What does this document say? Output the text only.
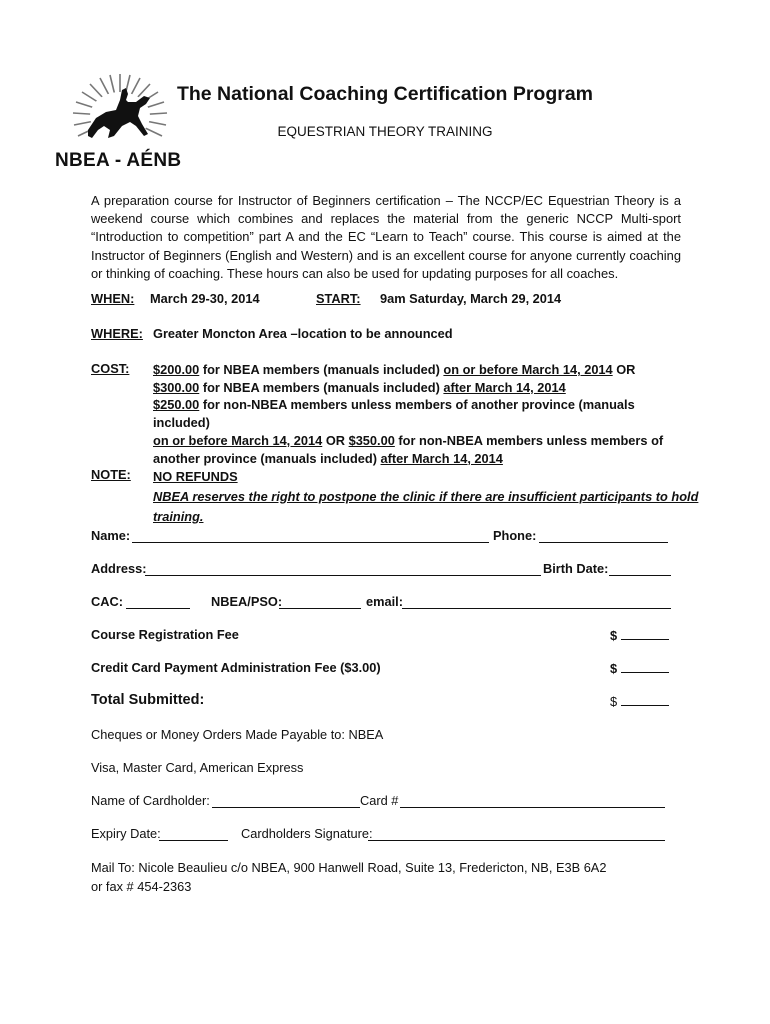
NBEA - AÉNB
The National Coaching Certification Program
EQUESTRIAN THEORY TRAINING
A preparation course for Instructor of Beginners certification – The NCCP/EC Equestrian Theory is a weekend course which combines and replaces the material from the generic NCCP Multi-sport “Introduction to competition” part A and the EC “Learn to Teach” course. This course is aimed at the Instructor of Beginners (English and Western) and is an excellent course for anyone currently coaching or thinking of coaching. These hours can also be used for updating purposes for all coaches.
WHEN: March 29-30, 2014	START: 9am Saturday, March 29, 2014
WHERE: Greater Moncton Area –location to be announced
COST: $200.00 for NBEA members (manuals included) on or before March 14, 2014 OR
$300.00 for NBEA members (manuals included) after March 14, 2014
$250.00 for non-NBEA members unless members of another province (manuals included)
on or before March 14, 2014 OR $350.00 for non-NBEA members unless members of
another province (manuals included) after March 14, 2014
NOTE: NO REFUNDS
NBEA reserves the right to postpone the clinic if there are insufficient participants to hold
training.
Name:	Phone:
Address:	Birth Date:
CAC:	NBEA/PSO:	email:
Course Registration Fee	$
Credit Card Payment Administration Fee ($3.00)	$
Total Submitted:	$
Cheques or Money Orders Made Payable to: NBEA
Visa, Master Card, American Express
Name of Cardholder:	Card #
Expiry Date:	Cardholders Signature:
Mail To: Nicole Beaulieu c/o NBEA, 900 Hanwell Road, Suite 13, Fredericton, NB, E3B 6A2
or fax # 454-2363
